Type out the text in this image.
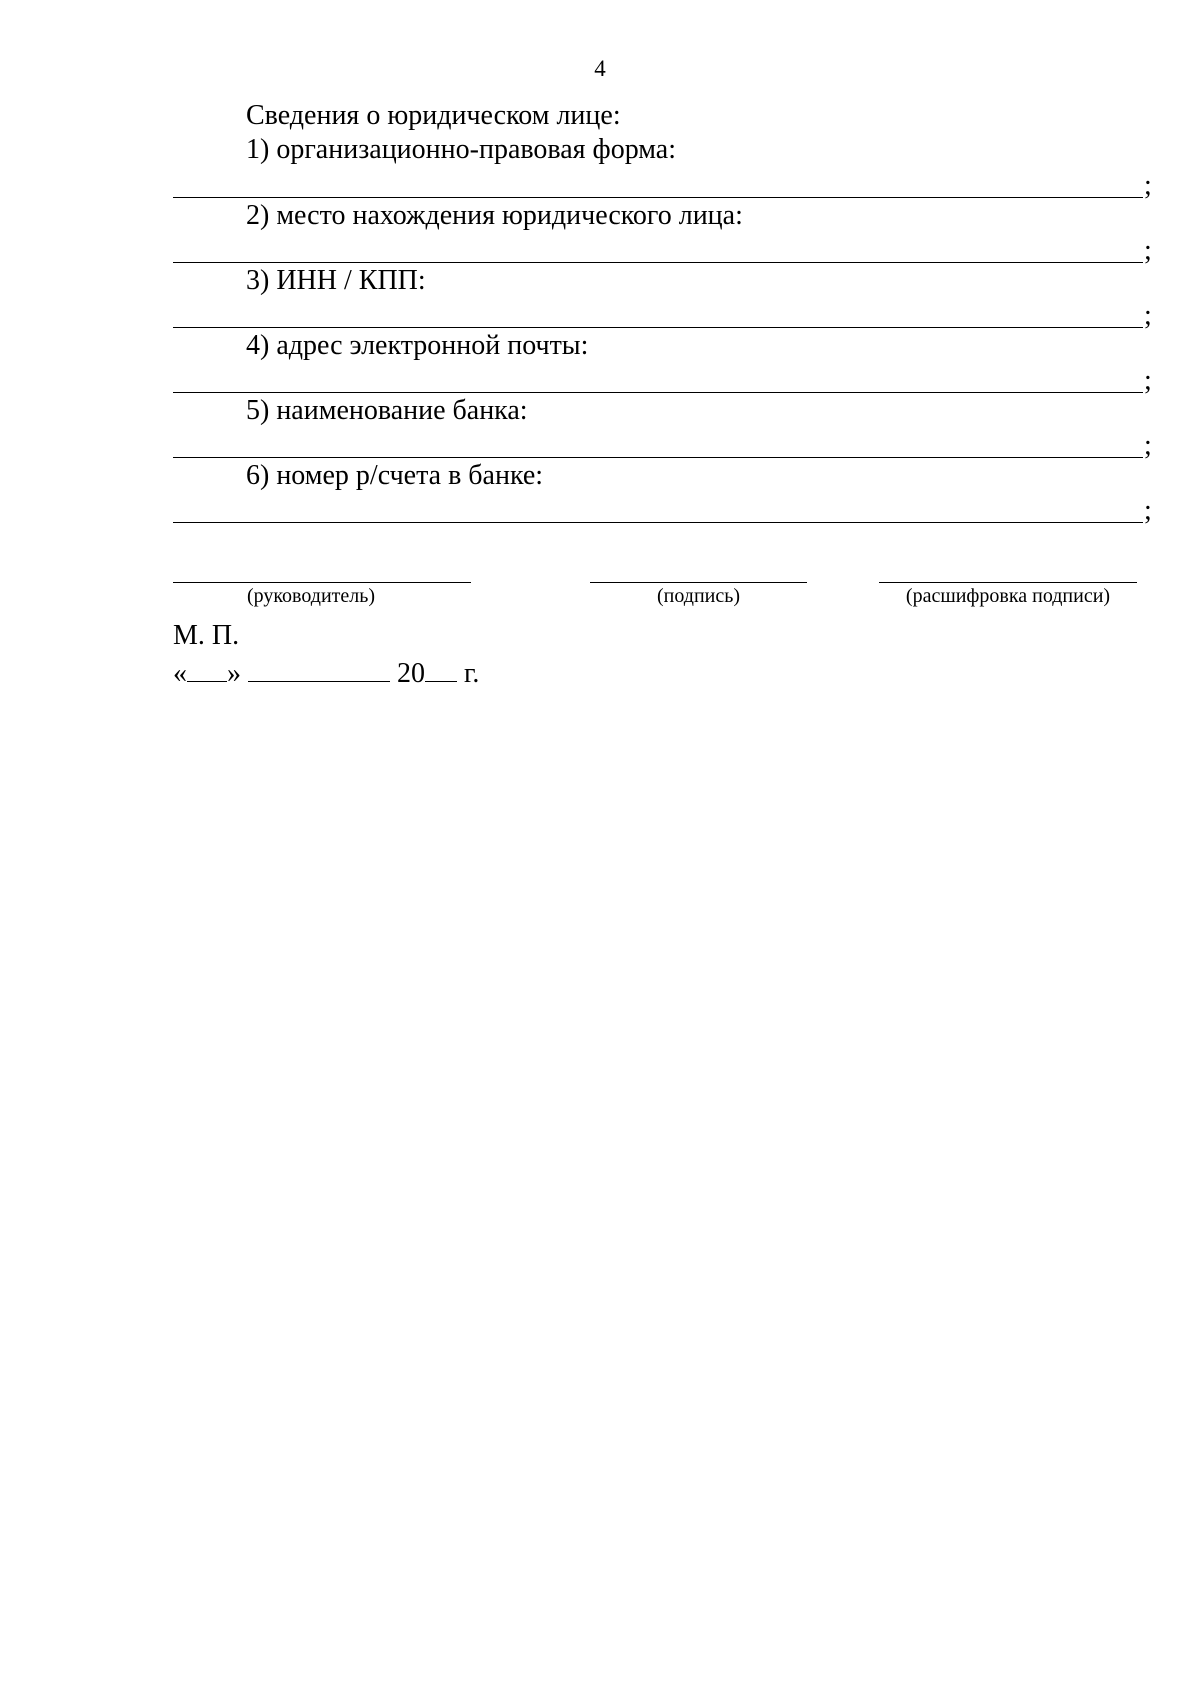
4
Сведения о юридическом лице:
1) организационно-правовая форма:
;
2) место нахождения юридического лица:
;
3) ИНН / КПП:
;
4) адрес электронной почты:
;
5) наименование банка:
;
6) номер р/счета в банке:
;
(руководитель)	(подпись)	(расшифровка подписи)
М. П.
« »	20 г.
